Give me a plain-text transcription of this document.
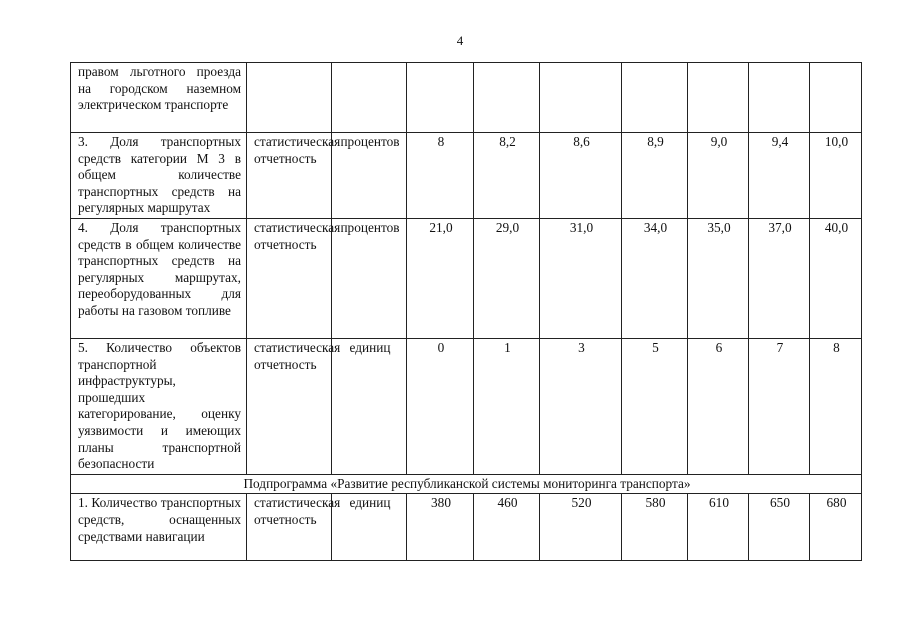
4
правом льготного проезда на городском наземном электрическом транспорте									
3. Доля транспортных средств категории М 3 в общем количестве транспортных средств на регулярных маршрутах	статистическая отчетность	процентов	8	8,2	8,6	8,9	9,0	9,4	10,0
4. Доля транспортных средств в общем количестве транспортных средств на регулярных маршрутах, переоборудованных для работы на газовом топливе	статистическая отчетность	процентов	21,0	29,0	31,0	34,0	35,0	37,0	40,0
5. Количество объектов транспортной инфраструктуры, прошедших категорирование, оценку уязвимости и имеющих планы транспортной безопасности	статистическая отчетность	единиц	0	1	3	5	6	7	8
Подпрограмма «Развитие республиканской системы мониторинга транспорта»									
1. Количество транспортных средств, оснащенных средствами навигации	статистическая отчетность	единиц	380	460	520	580	610	650	680
